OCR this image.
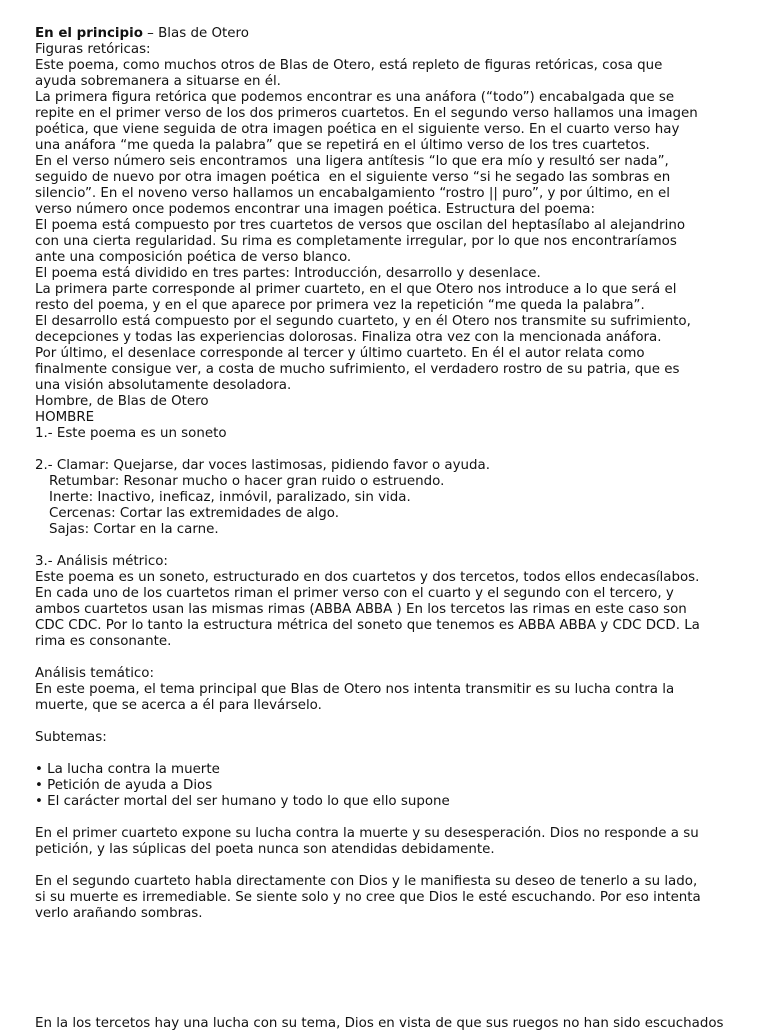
En el principio – Blas de Otero
Figuras retóricas:
Este poema, como muchos otros de Blas de Otero, está repleto de figuras retóricas, cosa que
ayuda sobremanera a situarse en él.
La primera figura retórica que podemos encontrar es una anáfora (“todo”) encabalgada que se
repite en el primer verso de los dos primeros cuartetos. En el segundo verso hallamos una imagen
poética, que viene seguida de otra imagen poética en el siguiente verso. En el cuarto verso hay
una anáfora “me queda la palabra” que se repetirá en el último verso de los tres cuartetos.
En el verso número seis encontramos  una ligera antítesis “lo que era mío y resultó ser nada”,
seguido de nuevo por otra imagen poética  en el siguiente verso “si he segado las sombras en
silencio”. En el noveno verso hallamos un encabalgamiento “rostro || puro”, y por último, en el
verso número once podemos encontrar una imagen poética. Estructura del poema:
El poema está compuesto por tres cuartetos de versos que oscilan del heptasílabo al alejandrino
con una cierta regularidad. Su rima es completamente irregular, por lo que nos encontraríamos
ante una composición poética de verso blanco.
El poema está dividido en tres partes: Introducción, desarrollo y desenlace.
La primera parte corresponde al primer cuarteto, en el que Otero nos introduce a lo que será el
resto del poema, y en el que aparece por primera vez la repetición “me queda la palabra”.
El desarrollo está compuesto por el segundo cuarteto, y en él Otero nos transmite su sufrimiento,
decepciones y todas las experiencias dolorosas. Finaliza otra vez con la mencionada anáfora.
Por último, el desenlace corresponde al tercer y último cuarteto. En él el autor relata como
finalmente consigue ver, a costa de mucho sufrimiento, el verdadero rostro de su patria, que es
una visión absolutamente desoladora.
Hombre, de Blas de Otero
HOMBRE
1.- Este poema es un soneto
2.- Clamar: Quejarse, dar voces lastimosas, pidiendo favor o ayuda.
Retumbar: Resonar mucho o hacer gran ruido o estruendo.
Inerte: Inactivo, ineficaz, inmóvil, paralizado, sin vida.
Cercenas: Cortar las extremidades de algo.
Sajas: Cortar en la carne.
3.- Análisis métrico:
Este poema es un soneto, estructurado en dos cuartetos y dos tercetos, todos ellos endecasílabos.
En cada uno de los cuartetos riman el primer verso con el cuarto y el segundo con el tercero, y
ambos cuartetos usan las mismas rimas (ABBA ABBA ) En los tercetos las rimas en este caso son
CDC CDC. Por lo tanto la estructura métrica del soneto que tenemos es ABBA ABBA y CDC DCD. La
rima es consonante.
Análisis temático:
En este poema, el tema principal que Blas de Otero nos intenta transmitir es su lucha contra la
muerte, que se acerca a él para llevárselo.
Subtemas:
• La lucha contra la muerte
• Petición de ayuda a Dios
• El carácter mortal del ser humano y todo lo que ello supone
En el primer cuarteto expone su lucha contra la muerte y su desesperación. Dios no responde a su
petición, y las súplicas del poeta nunca son atendidas debidamente.
En el segundo cuarteto habla directamente con Dios y le manifiesta su deseo de tenerlo a su lado,
si su muerte es irremediable. Se siente solo y no cree que Dios le esté escuchando. Por eso intenta
verlo arañando sombras.
En la los tercetos hay una lucha con su tema, Dios en vista de que sus ruegos no han sido escuchados
